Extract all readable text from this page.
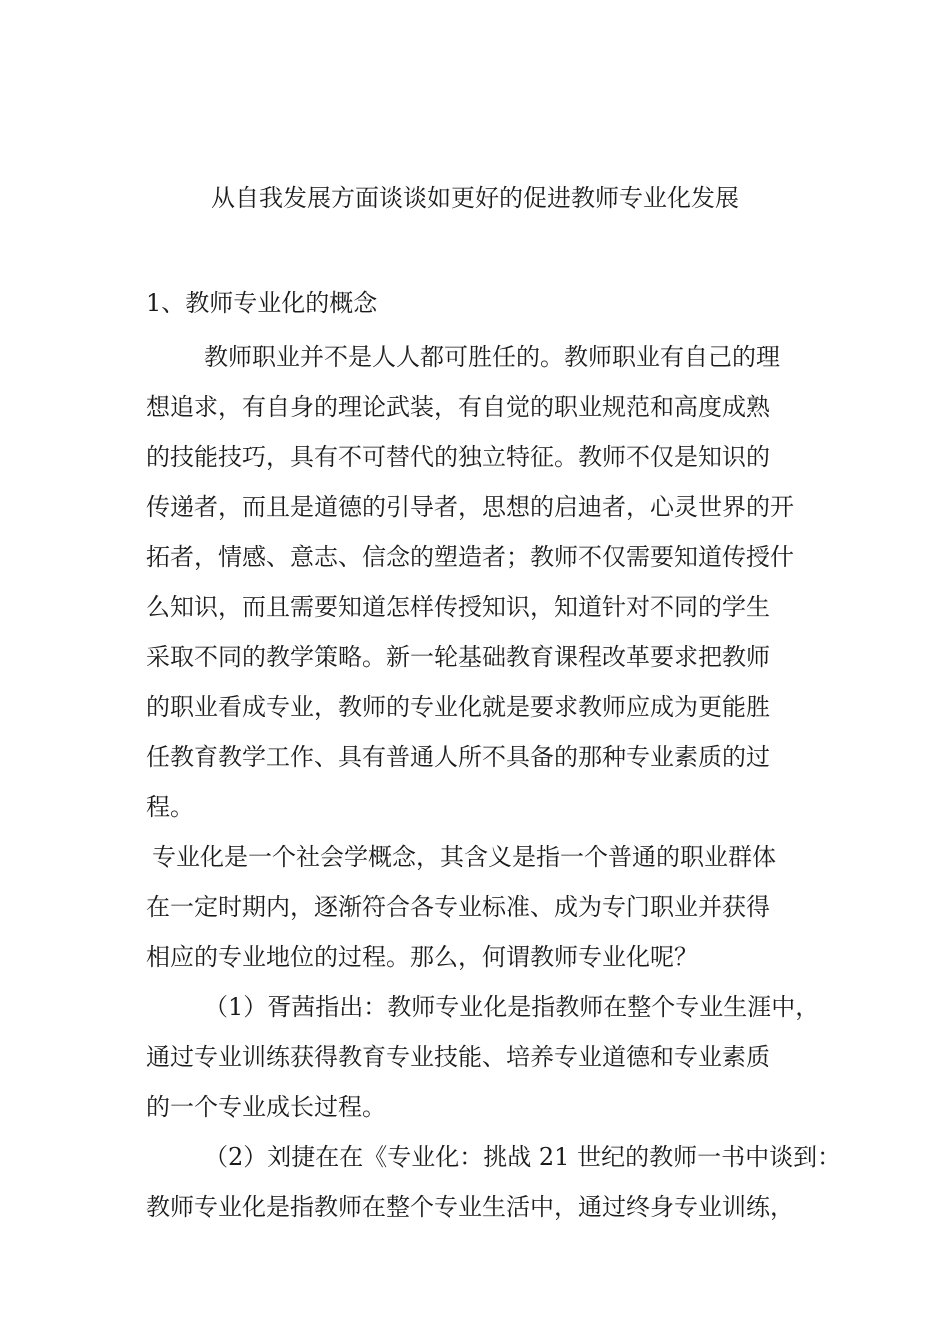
从自我发展方面谈谈如更好的促进教师专业化发展
1、教师专业化的概念

教师职业并不是人人都可胜任的。教师职业有自己的理
想追求，有自身的理论武装，有自觉的职业规范和高度成熟
的技能技巧，具有不可替代的独立特征。教师不仅是知识的
传递者，而且是道德的引导者，思想的启迪者，心灵世界的开
拓者，情感、意志、信念的塑造者；教师不仅需要知道传授什
么知识，而且需要知道怎样传授知识，知道针对不同的学生
采取不同的教学策略。新一轮基础教育课程改革要求把教师
的职业看成专业，教师的专业化就是要求教师应成为更能胜
任教育教学工作、具有普通人所不具备的那种专业素质的过
程。

专业化是一个社会学概念，其含义是指一个普通的职业群体
在一定时期内，逐渐符合各专业标准、成为专门职业并获得
相应的专业地位的过程。那么，何谓教师专业化呢？

（1）胥茜指出：教师专业化是指教师在整个专业生涯中，
通过专业训练获得教育专业技能、培养专业道德和专业素质
的一个专业成长过程。

（2）刘捷在在《专业化：挑战 21 世纪的教师一书中谈到：
教师专业化是指教师在整个专业生活中，通过终身专业训练，
